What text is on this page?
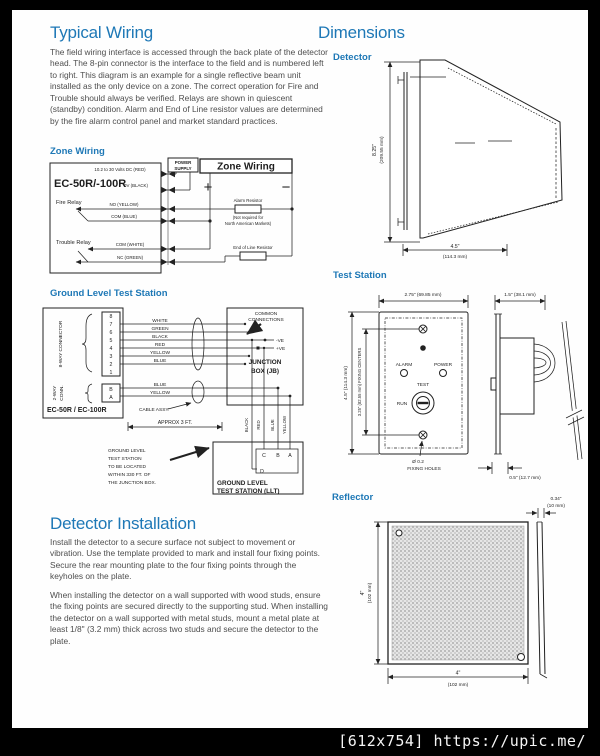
Typical Wiring
The field wiring interface is accessed through the back plate of the detector head. The 8-pin connector is the interface to the field and is numbered left to right. This diagram is an example for a single reflective beam unit installed as the only device on a zone. The correct operation for Fire and Trouble should always be verified. Relays are shown in quiescent (standby) condition. Alarm and End of Line resistor values are determined by the fire alarm control panel and market standard practices.
Zone Wiring
EC-50R/-100R
Fire Relay
Trouble Relay
POWER
SUPPLY	Zone Wiring
+	−
Alarm Resistor
(Not required for
North American Markets)
End of Line Resistor
10.2 to 30 Volts DC (RED)
0V (BLACK)
NO (YELLOW)
COM (BLUE)
COM (WHITE)
NC (GREEN)
Ground Level Test Station
8-WAY CONNECTOR
8
7
6
5
4
3
2
1
2-WAY CONN.	B
A
EC-50R / EC-100R
WHITE
GREEN
BLACK
RED
YELLOW
BLUE
BLUE
YELLOW
COMMON
CONNECTIONS
-VE
+VE
JUNCTION
BOX (JB)
BLACK RED BLUE YELLOW
C B A
D
GROUND LEVEL
TEST STATION (LLT)
CABLE ASSY.
APPROX 3 FT.
GROUND LEVEL
TEST STATION
TO BE LOCATED
WITHIN 330 FT. OF
THE JUNCTION BOX.
Detector Installation
Install the detector to a secure surface not subject to movement or vibration. Use the template provided to mark and install four fixing points. Secure the rear mounting plate to the four fixing points through the keyholes on the plate.
When installing the detector on a wall supported with wood studs, ensure the fixing points are secured directly to the supporting stud. When installing the detector on a wall supported with metal studs, mount a metal plate at least 1/8" (3.2 mm) thick across two studs and secure the detector to the plate.
Dimensions
Detector
8.25" (209.55 mm)
4.5"
(114.3 mm)
Test Station
2.75" (69.85 mm)	1.5" (38.1 mm)
ALARM	POWER
TEST
RUN
4.5" (114.3 mm) 3.25" (82.55 mm) FIXING CENTERS
Ø 0.2
FIXING HOLES
0.5" (12.7 mm)
Reflector
4" (102 mm)
4"
(102 mm)
0.34"
(10 mm)
[612x754] https://upic.me/
